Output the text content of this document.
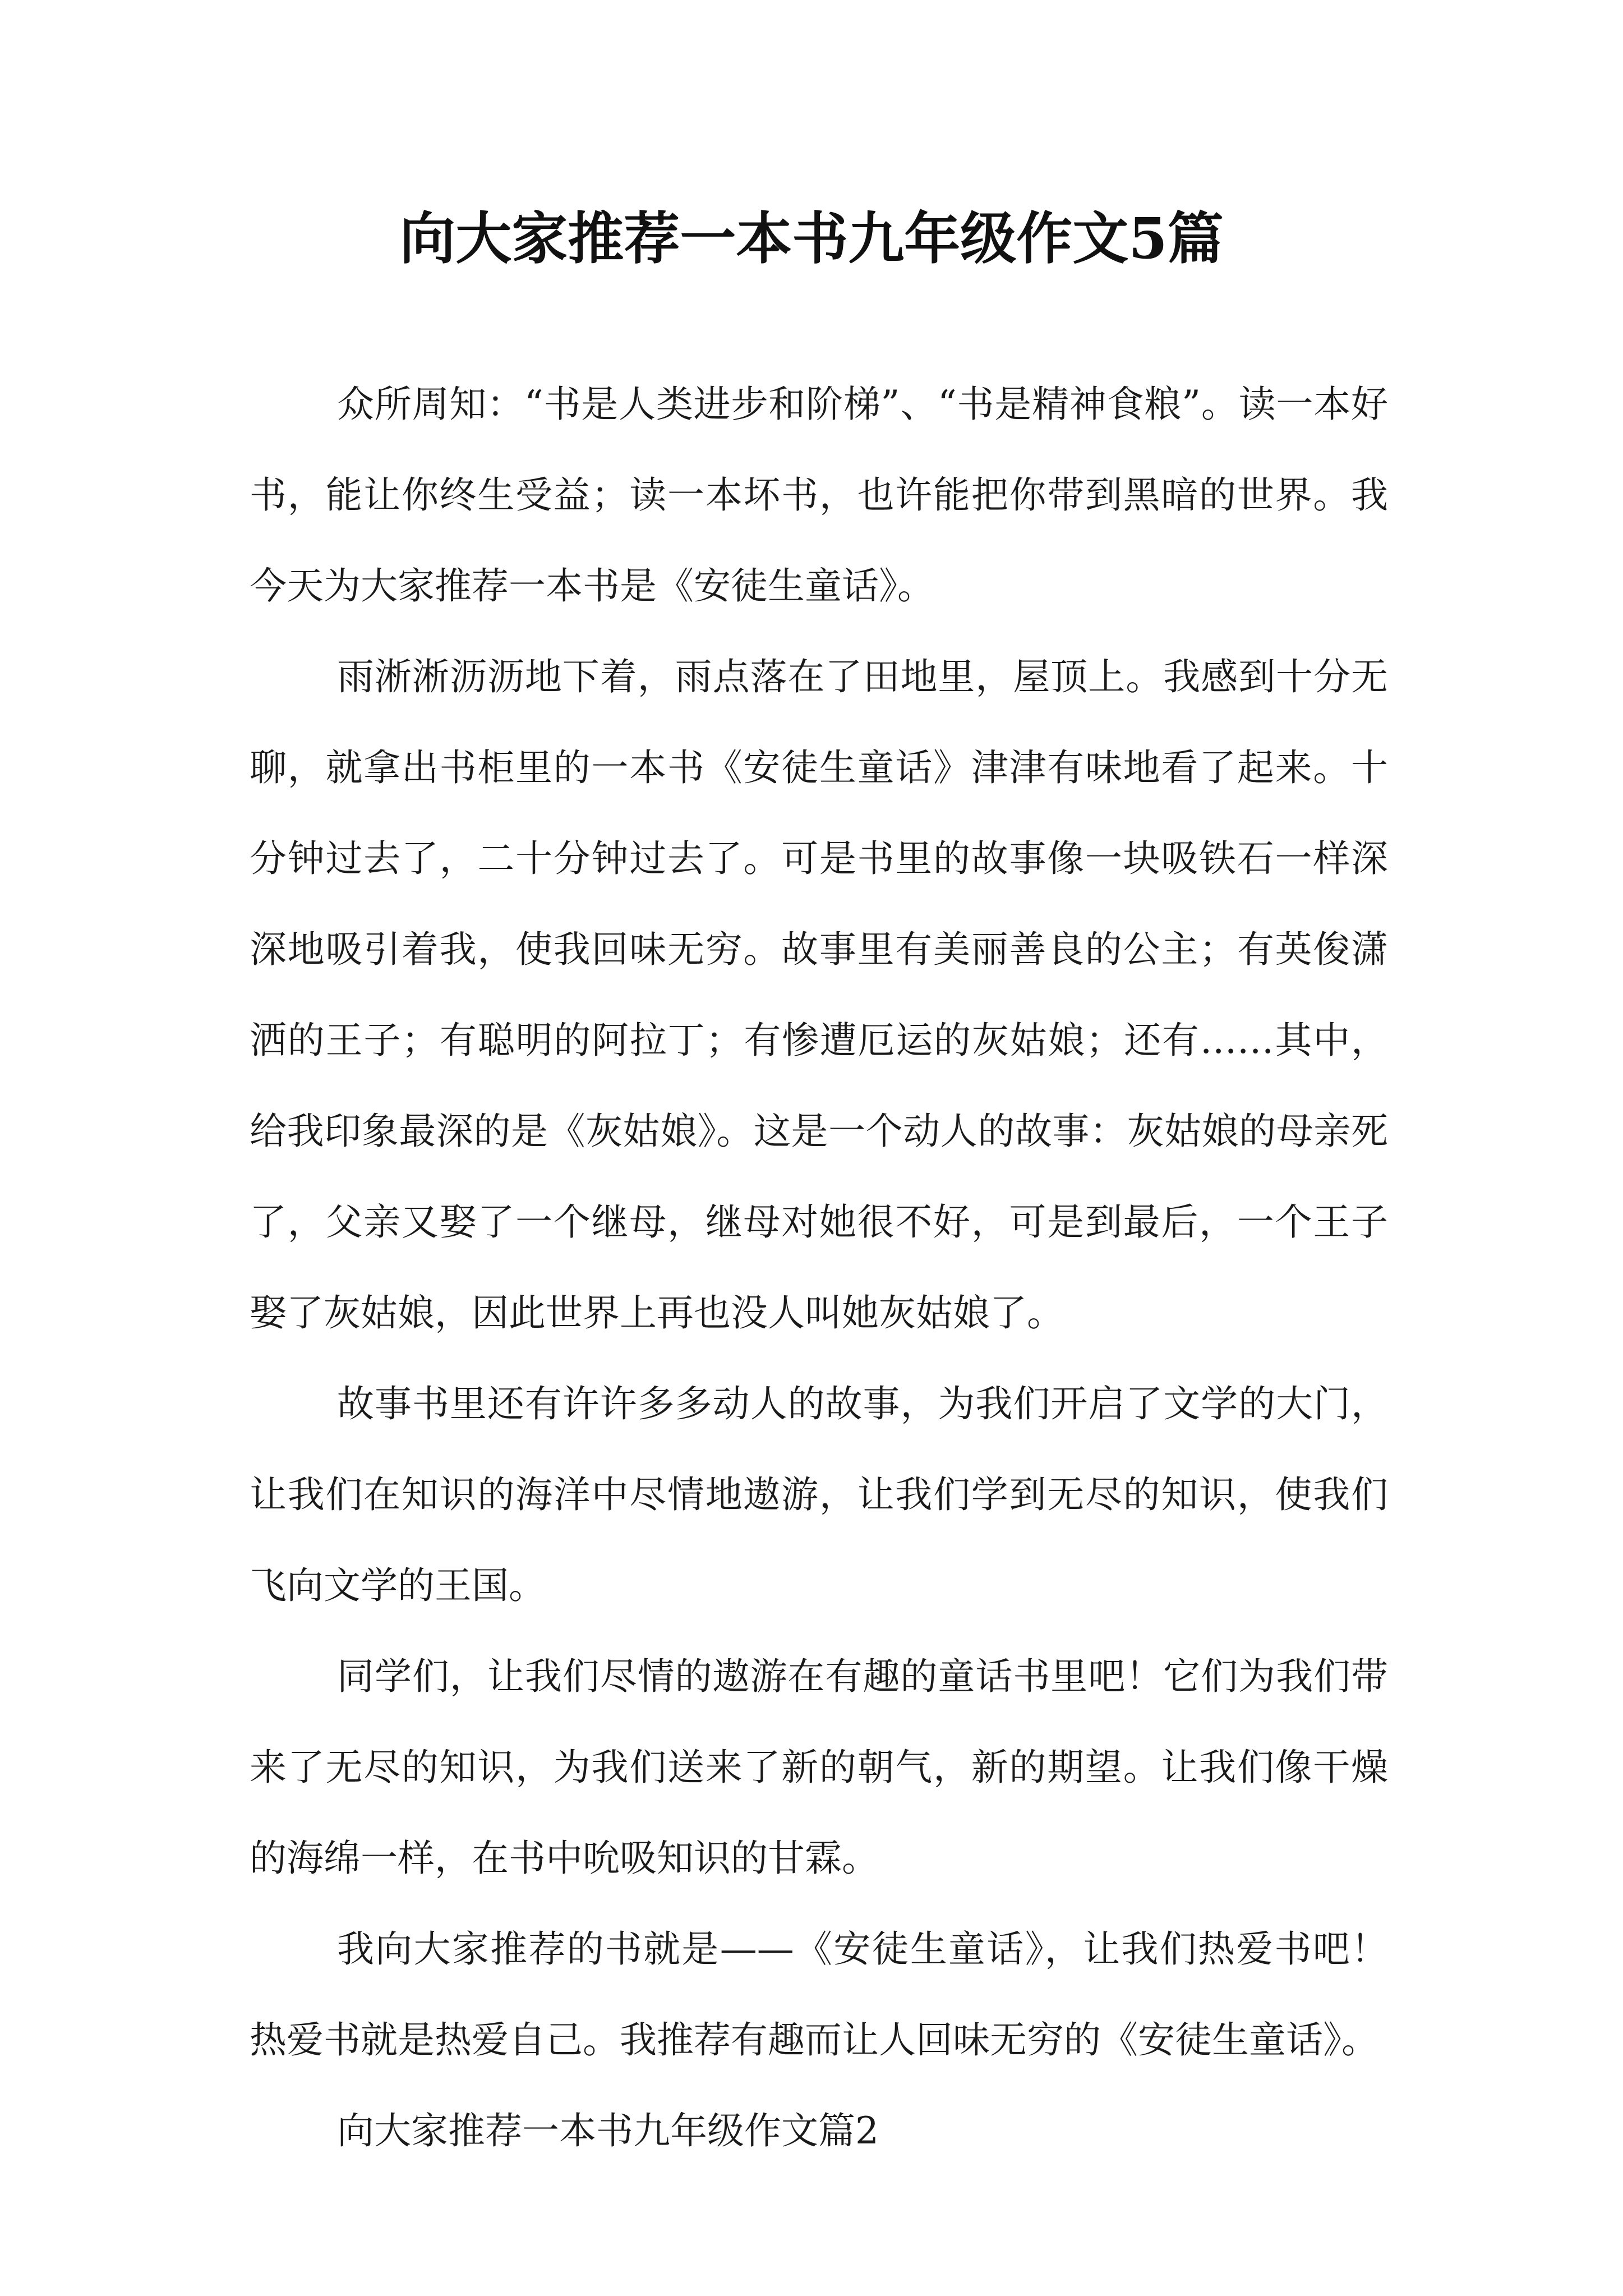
向大家推荐一本书九年级作文5篇

众所周知：“书是人类进步和阶梯”、“书是精神食粮”。读一本好书，能让你终生受益；读一本坏书，也许能把你带到黑暗的世界。我今天为大家推荐一本书是《安徒生童话》。

雨淅淅沥沥地下着，雨点落在了田地里，屋顶上。我感到十分无聊，就拿出书柜里的一本书《安徒生童话》津津有味地看了起来。十分钟过去了，二十分钟过去了。可是书里的故事像一块吸铁石一样深深地吸引着我，使我回味无穷。故事里有美丽善良的公主；有英俊潇洒的王子；有聪明的阿拉丁；有惨遭厄运的灰姑娘；还有……其中，给我印象最深的是《灰姑娘》。这是一个动人的故事：灰姑娘的母亲死了，父亲又娶了一个继母，继母对她很不好，可是到最后，一个王子娶了灰姑娘，因此世界上再也没人叫她灰姑娘了。

故事书里还有许许多多动人的故事，为我们开启了文学的大门，让我们在知识的海洋中尽情地遨游，让我们学到无尽的知识，使我们飞向文学的王国。

同学们，让我们尽情的遨游在有趣的童话书里吧！它们为我们带来了无尽的知识，为我们送来了新的朝气，新的期望。让我们像干燥的海绵一样，在书中吮吸知识的甘霖。

我向大家推荐的书就是——《安徒生童话》，让我们热爱书吧！热爱书就是热爱自己。我推荐有趣而让人回味无穷的《安徒生童话》。

向大家推荐一本书九年级作文篇2
